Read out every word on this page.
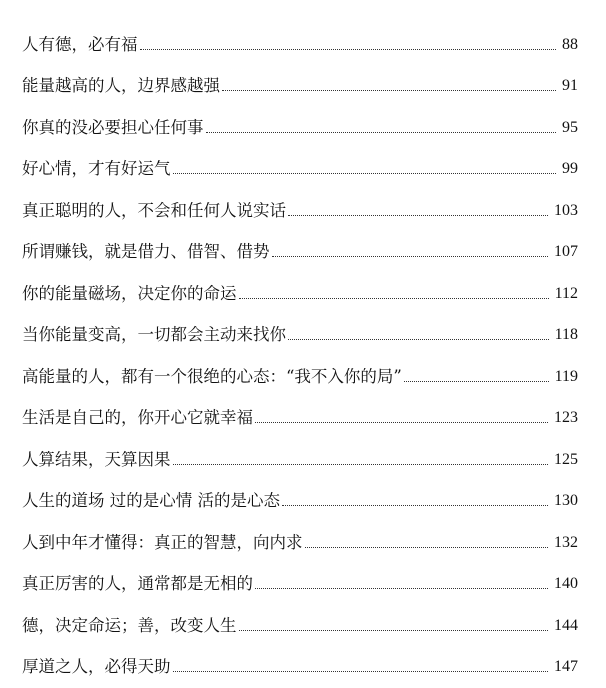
人有德，必有福	88
能量越高的人，边界感越强	91
你真的没必要担心任何事	95
好心情，才有好运气	99
真正聪明的人，不会和任何人说实话	103
所谓赚钱，就是借力、借智、借势	107
你的能量磁场，决定你的命运	112
当你能量变高，一切都会主动来找你	118
高能量的人，都有一个很绝的心态：“我不入你的局”	119
生活是自己的，你开心它就幸福	123
人算结果，天算因果	125
人生的道场 过的是心情 活的是心态	130
人到中年才懂得：真正的智慧，向内求	132
真正厉害的人，通常都是无相的	140
德，决定命运；善，改变人生	144
厚道之人，必得天助	147
